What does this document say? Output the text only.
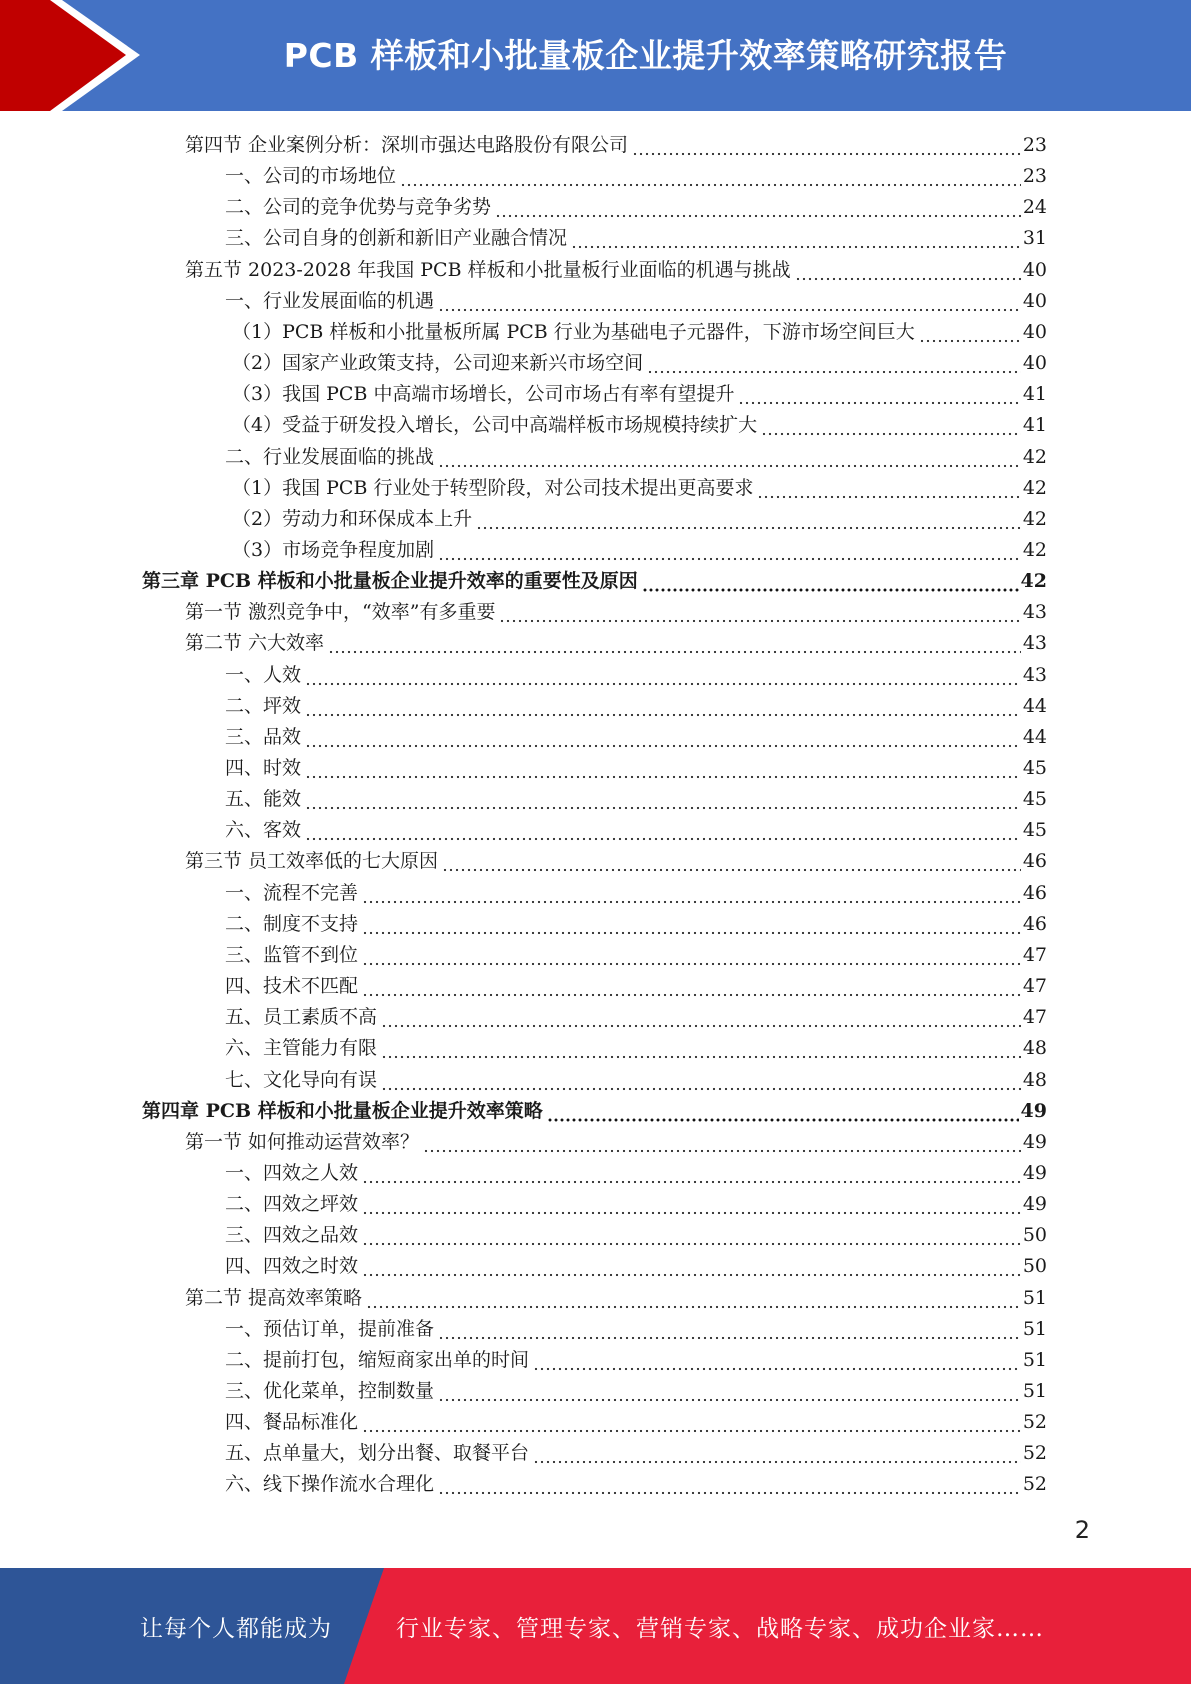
PCB 样板和小批量板企业提升效率策略研究报告
第四节 企业案例分析：深圳市强达电路股份有限公司	23
一、公司的市场地位	23
二、公司的竞争优势与竞争劣势	24
三、公司自身的创新和新旧产业融合情况	31
第五节 2023-2028 年我国 PCB 样板和小批量板行业面临的机遇与挑战	40
一、行业发展面临的机遇	40
（1）PCB 样板和小批量板所属 PCB 行业为基础电子元器件，下游市场空间巨大	40
（2）国家产业政策支持，公司迎来新兴市场空间	40
（3）我国 PCB 中高端市场增长，公司市场占有率有望提升	41
（4）受益于研发投入增长，公司中高端样板市场规模持续扩大	41
二、行业发展面临的挑战	42
（1）我国 PCB 行业处于转型阶段，对公司技术提出更高要求	42
（2）劳动力和环保成本上升	42
（3）市场竞争程度加剧	42
第三章 PCB 样板和小批量板企业提升效率的重要性及原因	42
第一节 激烈竞争中，“效率”有多重要	43
第二节 六大效率	43
一、人效	43
二、坪效	44
三、品效	44
四、时效	45
五、能效	45
六、客效	45
第三节 员工效率低的七大原因	46
一、流程不完善	46
二、制度不支持	46
三、监管不到位	47
四、技术不匹配	47
五、员工素质不高	47
六、主管能力有限	48
七、文化导向有误	48
第四章 PCB 样板和小批量板企业提升效率策略	49
第一节 如何推动运营效率？	49
一、四效之人效	49
二、四效之坪效	49
三、四效之品效	50
四、四效之时效	50
第二节 提高效率策略	51
一、预估订单，提前准备	51
二、提前打包，缩短商家出单的时间	51
三、优化菜单，控制数量	51
四、餐品标准化	52
五、点单量大，划分出餐、取餐平台	52
六、线下操作流水合理化	52
2
让每个人都能成为	行业专家、管理专家、营销专家、战略专家、成功企业家……
